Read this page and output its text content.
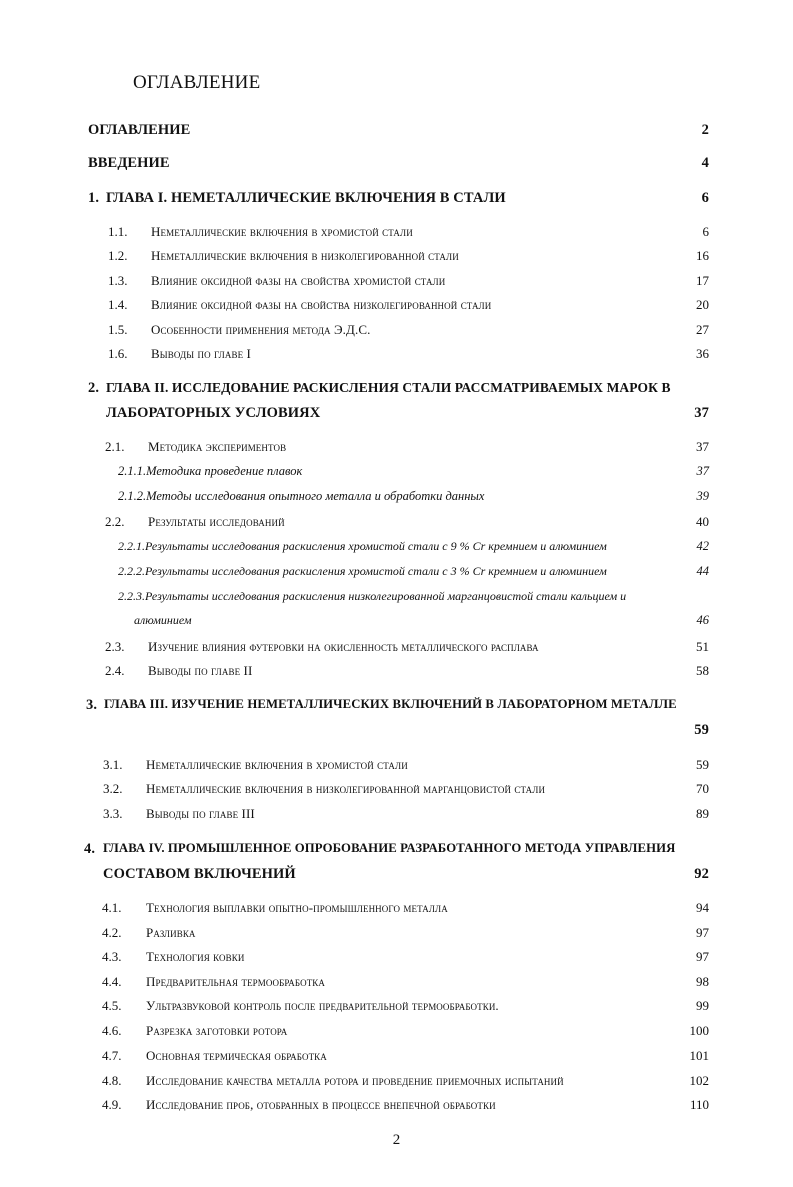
ОГЛАВЛЕНИЕ
ОГЛАВЛЕНИЕ	2
ВВЕДЕНИЕ	4
1. ГЛАВА I. НЕМЕТАЛЛИЧЕСКИЕ ВКЛЮЧЕНИЯ В СТАЛИ	6
1.1. Неметаллические включения в хромистой стали	6
1.2. Неметаллические включения в низколегированной стали	16
1.3. Влияние оксидной фазы на свойства хромистой стали	17
1.4. Влияние оксидной фазы на свойства низколегированной стали	20
1.5. Особенности применения метода Э.Д.С.	27
1.6. Выводы по главе I	36
2. ГЛАВА II. ИССЛЕДОВАНИЕ РАСКИСЛЕНИЯ СТАЛИ РАССМАТРИВАЕМЫХ МАРОК В
ЛАБОРАТОРНЫХ УСЛОВИЯХ	37
2.1. Методика экспериментов	37
2.1.1.Методика проведение плавок	37
2.1.2.Методы исследования опытного металла и обработки данных	39
2.2. Результаты исследований	40
2.2.1.Результаты исследования раскисления хромистой стали с 9 % Cr кремнием и алюминием	42
2.2.2.Результаты исследования раскисления хромистой стали с 3 % Cr кремнием и алюминием	44
2.2.3.Результаты исследования раскисления низколегированной марганцовистой стали кальцием и
алюминием	46
2.3. Изучение влияния футеровки на окисленность металлического расплава	51
2.4. Выводы по главе II	58
3. ГЛАВА III. ИЗУЧЕНИЕ НЕМЕТАЛЛИЧЕСКИХ ВКЛЮЧЕНИЙ В ЛАБОРАТОРНОМ МЕТАЛЛЕ
59
3.1. Неметаллические включения в хромистой стали	59
3.2. Неметаллические включения в низколегированной марганцовистой стали	70
3.3. Выводы по главе III	89
4. ГЛАВА IV. ПРОМЫШЛЕННОЕ ОПРОБОВАНИЕ РАЗРАБОТАННОГО МЕТОДА УПРАВЛЕНИЯ
СОСТАВОМ ВКЛЮЧЕНИЙ	92
4.1. Технология выплавки опытно-промышленного металла	94
4.2. Разливка	97
4.3. Технология ковки	97
4.4. Предварительная термообработка	98
4.5. Ультразвуковой контроль после предварительной термообработки.	99
4.6. Разрезка заготовки ротора	100
4.7. Основная термическая обработка	101
4.8. Исследование качества металла ротора и проведение приемочных испытаний	102
4.9. Исследование проб, отобранных в процессе внепечной обработки	110
2
